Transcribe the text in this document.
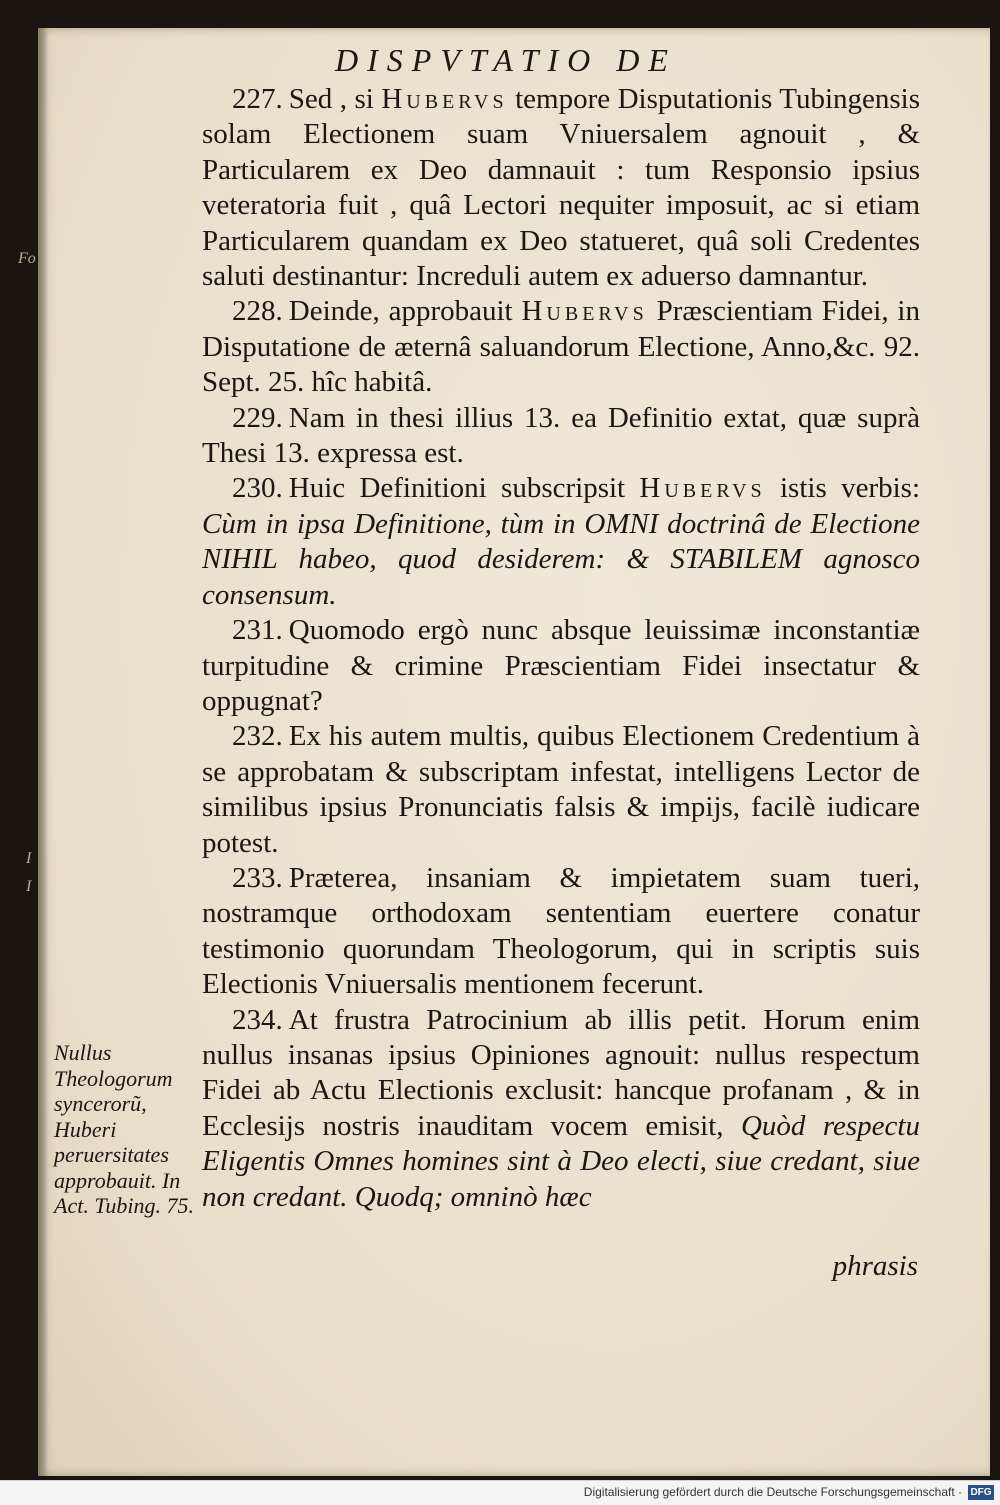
Fo
I
I
DISPVTATIO DE

227. Sed , si Hubervs tempore Disputationis Tubingensis solam Electionem suam Vniuersalem agnouit , & Particularem ex Deo damnauit : tum Responsio ipsius veteratoria fuit , quâ Lectori nequiter imposuit, ac si etiam Particularem quandam ex Deo statueret, quâ soli Credentes saluti destinantur: Increduli autem ex aduerso damnantur.

228. Deinde, approbauit Hubervs Præscientiam Fidei, in Disputatione de æternâ saluandorum Electione, Anno,&c. 92. Sept. 25. hîc habitâ.

229. Nam in thesi illius 13. ea Definitio extat, quæ suprà Thesi 13. expressa est.

230. Huic Definitioni subscripsit Hubervs istis verbis: Cùm in ipsa Definitione, tùm in OMNI doctrinâ de Electione NIHIL habeo, quod desiderem: & STABILEM agnosco consensum.

231. Quomodo ergò nunc absque leuissimæ inconstantiæ turpitudine & crimine Præscientiam Fidei insectatur & oppugnat?

232. Ex his autem multis, quibus Electionem Credentium à se approbatam & subscriptam infestat, intelligens Lector de similibus ipsius Pronunciatis falsis & impijs, facilè iudicare potest.

233. Præterea, insaniam & impietatem suam tueri, nostramque orthodoxam sententiam euertere conatur testimonio quorundam Theologorum, qui in scriptis suis Electionis Vniuersalis mentionem fecerunt.

234. At frustra Patrocinium ab illis petit. Horum enim nullus insanas ipsius Opiniones agnouit: nullus respectum Fidei ab Actu Electionis exclusit: hancque profanam , & in Ecclesijs nostris inauditam vocem emisit, Quòd respectu Eligentis Omnes homines sint à Deo electi, siue credant, siue non credant. Quodq; omninò hæc

Nullus Theologorum syncerorũ, Huberi peruersitates approbauit. In Act. Tubing. 75.
phrasis
Digitalisierung gefördert durch die Deutsche Forschungsgemeinschaft · DFG
